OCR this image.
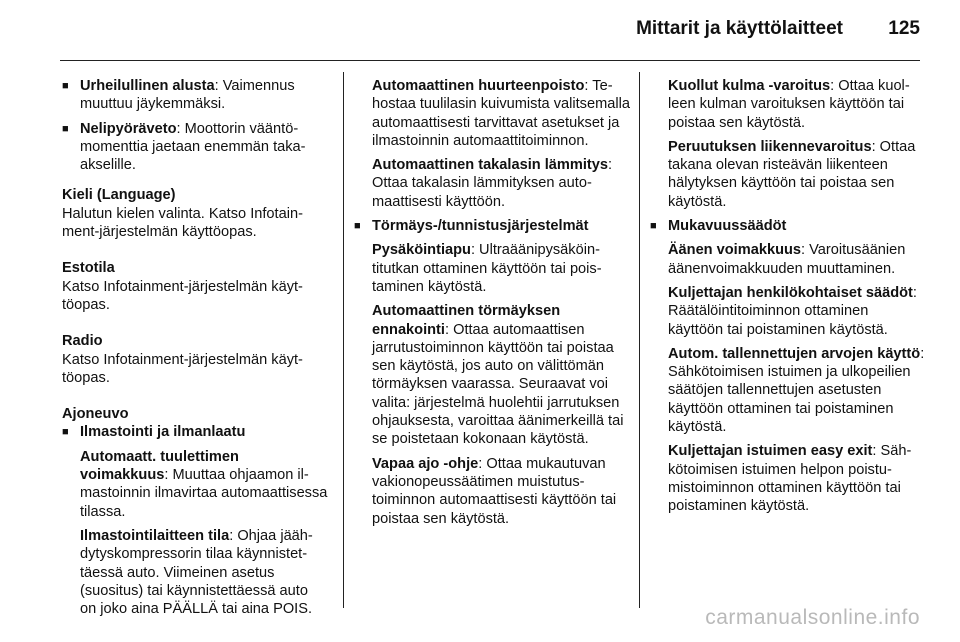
Mittarit ja käyttölaitteet 125

■ Urheilullinen alusta: Vaimennus muuttuu jäykemmäksi.

■ Nelipyöräveto: Moottorin vääntömomenttia jaetaan enemmän takaakselille.

Kieli (Language)

Halutun kielen valinta. Katso Infotainment-järjestelmän käyttöopas.

Estotila

Katso Infotainment-järjestelmän käyttöopas.

Radio

Katso Infotainment-järjestelmän käyttöopas.

Ajoneuvo

■ Ilmastointi ja ilmanlaatu

Automaatt. tuulettimen voimakkuus: Muuttaa ohjaamon ilmastoinnin ilmavirtaa automaattisessa tilassa.

Ilmastointilaitteen tila: Ohjaa jäähdytyskompressorin tilaa käynnistettäessä auto. Viimeinen asetus (suositus) tai käynnistettäessä auto on joko aina PÄÄLLÄ tai aina POIS.

Automaattinen huurteenpoisto: Tehostaa tuulilasin kuivumista valitsemalla automaattisesti tarvittavat asetukset ja ilmastoinnin automaattitoiminnon.

Automaattinen takalasin lämmitys: Ottaa takalasin lämmityksen automaattisesti käyttöön.

■ Törmäys-/tunnistusjärjestelmät

Pysäköintiapu: Ultraäänipysäköintitutkan ottaminen käyttöön tai poistaminen käytöstä.

Automaattinen törmäyksen ennakointi: Ottaa automaattisen jarrutustoiminnon käyttöön tai poistaa sen käytöstä, jos auto on välittömän törmäyksen vaarassa. Seuraavat voi valita: järjestelmä huolehtii jarrutuksen ohjauksesta, varoittaa äänimerkeillä tai se poistetaan kokonaan käytöstä.

Vapaa ajo -ohje: Ottaa mukautuvan vakionopeussäätimen muistutustoiminnon automaattisesti käyttöön tai poistaa sen käytöstä.

Kuollut kulma -varoitus: Ottaa kuolleen kulman varoituksen käyttöön tai poistaa sen käytöstä.

Peruutuksen liikennevaroitus: Ottaa takana olevan risteävän liikenteen hälytyksen käyttöön tai poistaa sen käytöstä.

■ Mukavuussäädöt

Äänen voimakkuus: Varoitusäänien äänenvoimakkuuden muuttaminen.

Kuljettajan henkilökohtaiset säädöt: Räätälöintitoiminnon ottaminen käyttöön tai poistaminen käytöstä.

Autom. tallennettujen arvojen käyttö: Sähkötoimisen istuimen ja ulkopeilien säätöjen tallennettujen asetusten käyttöön ottaminen tai poistaminen käytöstä.

Kuljettajan istuimen easy exit: Sähkötoimisen istuimen helpon poistumistoiminnon ottaminen käyttöön tai poistaminen käytöstä.

carmanualsonline.info
